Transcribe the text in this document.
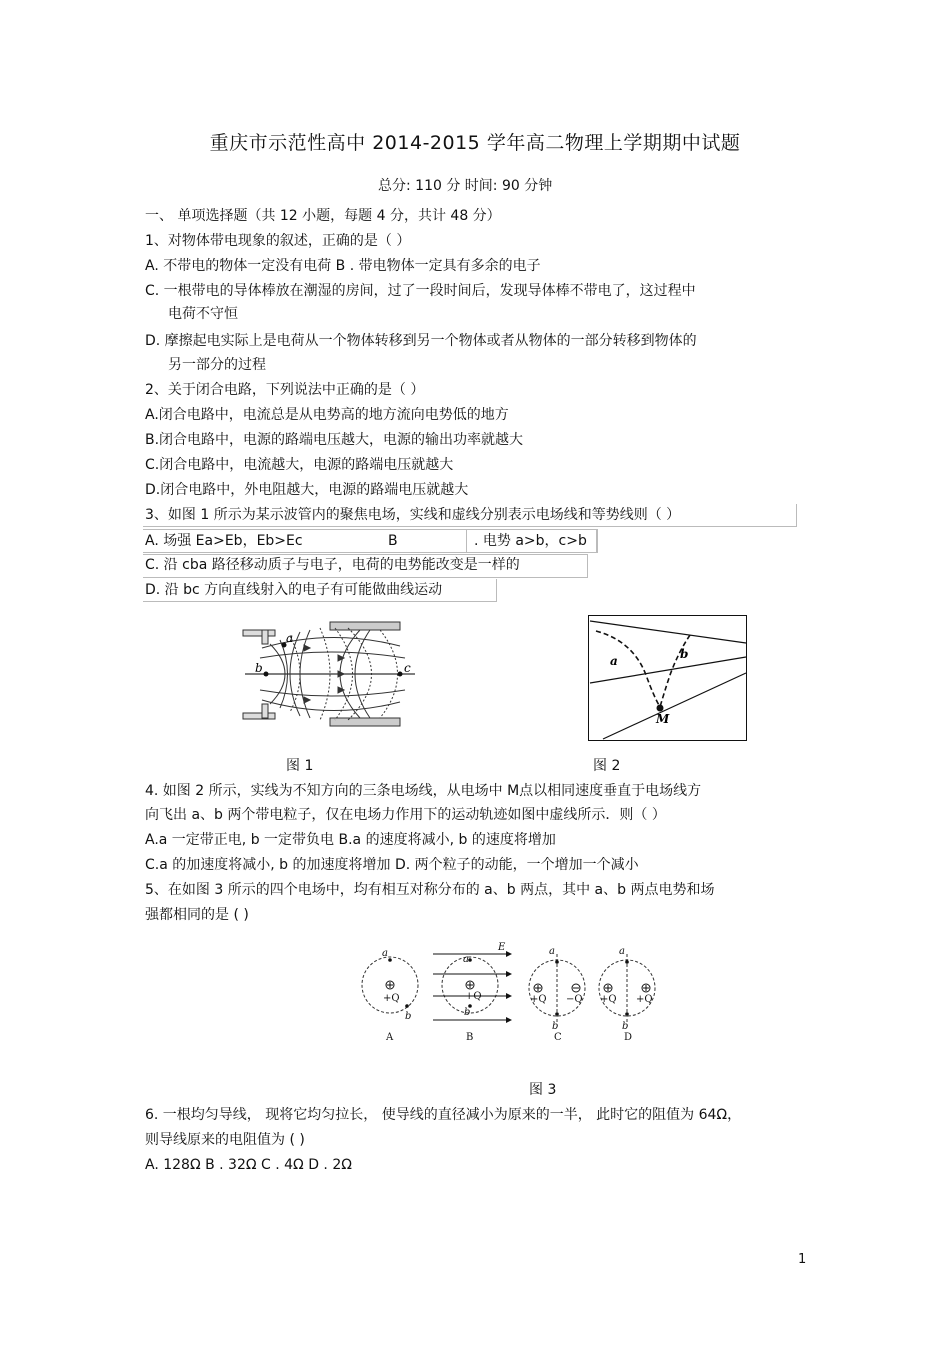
重庆市示范性高中 2014-2015 学年高二物理上学期期中试题
总分: 110 分 时间: 90 分钟
一、 单项选择题（共 12 小题，每题 4 分，共计 48 分）
1、对物体带电现象的叙述，正确的是（ ）
A. 不带电的物体一定没有电荷 B . 带电物体一定具有多余的电子
C. 一根带电的导体棒放在潮湿的房间，过了一段时间后，发现导体棒不带电了，这过程中
电荷不守恒
D. 摩擦起电实际上是电荷从一个物体转移到另一个物体或者从物体的一部分转移到物体的
另一部分的过程
2、关于闭合电路，下列说法中正确的是（ ）
A.闭合电路中，电流总是从电势高的地方流向电势低的地方
B.闭合电路中，电源的路端电压越大，电源的输出功率就越大
C.闭合电路中，电流越大，电源的路端电压就越大
D.闭合电路中，外电阻越大，电源的路端电压就越大
3、如图 1 所示为某示波管内的聚焦电场，实线和虚线分别表示电场线和等势线则（ ）
A. 场强 Ea>Eb，Eb>Ec	B	. 电势 a>b，c>b
C. 沿 cba 路径移动质子与电子，电荷的电势能改变是一样的
D. 沿 bc 方向直线射入的电子有可能做曲线运动
a
b	c
图 1
a	b
M
图 2
4. 如图 2 所示，实线为不知方向的三条电场线，从电场中 M点以相同速度垂直于电场线方
向飞出 a、b 两个带电粒子，仅在电场力作用下的运动轨迹如图中虚线所示．则（ ）
A.a 一定带正电, b 一定带负电 B.a 的速度将减小, b 的速度将增加
C.a 的加速度将减小, b 的加速度将增加 D. 两个粒子的动能，一个增加一个减小
5、在如图 3 所示的四个电场中，均有相互对称分布的 a、b 两点，其中 a、b 两点电势和场
强都相同的是 ( )
a
b
+Q
A
a
b
+Q
E
B
a
b
+Q −Q
C
a
b
+Q +Q
D
图 3
6. 一根均匀导线， 现将它均匀拉长， 使导线的直径减小为原来的一半， 此时它的阻值为 64Ω，
则导线原来的电阻值为 ( )
A. 128Ω B . 32Ω C . 4Ω D . 2Ω
1
